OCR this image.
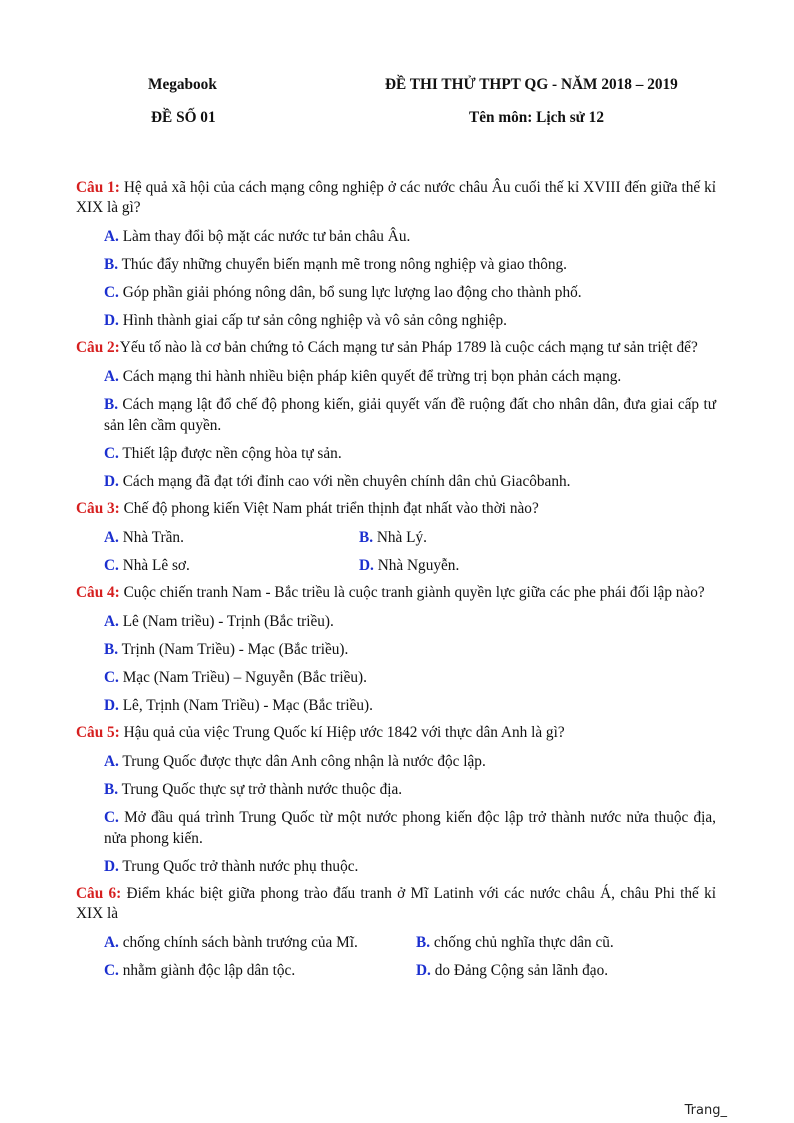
Megabook	ĐỀ THI THỬ THPT QG - NĂM 2018 – 2019
ĐỀ SỐ 01	Tên môn: Lịch sử 12
Câu 1: Hệ quả xã hội của cách mạng công nghiệp ở các nước châu Âu cuối thế kỉ XVIII đến giữa thế kỉ XIX là gì?
A. Làm thay đổi bộ mặt các nước tư bản châu Âu.
B. Thúc đẩy những chuyển biến mạnh mẽ trong nông nghiệp và giao thông.
C. Góp phần giải phóng nông dân, bổ sung lực lượng lao động cho thành phố.
D. Hình thành giai cấp tư sản công nghiệp và vô sản công nghiệp.
Câu 2:Yếu tố nào là cơ bản chứng tỏ Cách mạng tư sản Pháp 1789 là cuộc cách mạng tư sản triệt để?
A. Cách mạng thi hành nhiều biện pháp kiên quyết để trừng trị bọn phản cách mạng.
B. Cách mạng lật đổ chế độ phong kiến, giải quyết vấn đề ruộng đất cho nhân dân, đưa giai cấp tư sản lên cầm quyền.
C. Thiết lập được nền cộng hòa tự sản.
D. Cách mạng đã đạt tới đỉnh cao với nền chuyên chính dân chủ Giacôbanh.
Câu 3: Chế độ phong kiến Việt Nam phát triển thịnh đạt nhất vào thời nào?
A. Nhà Trần.	B. Nhà Lý.
C. Nhà Lê sơ.	D. Nhà Nguyễn.
Câu 4: Cuộc chiến tranh Nam - Bắc triều là cuộc tranh giành quyền lực giữa các phe phái đối lập nào?
A. Lê (Nam triều) - Trịnh (Bắc triều).
B. Trịnh (Nam Triều) - Mạc (Bắc triều).
C. Mạc (Nam Triều) – Nguyễn (Bắc triều).
D. Lê, Trịnh (Nam Triều) - Mạc (Bắc triều).
Câu 5: Hậu quả của việc Trung Quốc kí Hiệp ước 1842 với thực dân Anh là gì?
A. Trung Quốc được thực dân Anh công nhận là nước độc lập.
B. Trung Quốc thực sự trở thành nước thuộc địa.
C. Mở đầu quá trình Trung Quốc từ một nước phong kiến độc lập trở thành nước nửa thuộc địa, nửa phong kiến.
D. Trung Quốc trở thành nước phụ thuộc.
Câu 6: Điểm khác biệt giữa phong trào đấu tranh ở Mĩ Latinh với các nước châu Á, châu Phi thế kỉ XIX là
A. chống chính sách bành trướng của Mĩ.	B. chống chủ nghĩa thực dân cũ.
C. nhằm giành độc lập dân tộc.	D. do Đảng Cộng sản lãnh đạo.
Trang_
